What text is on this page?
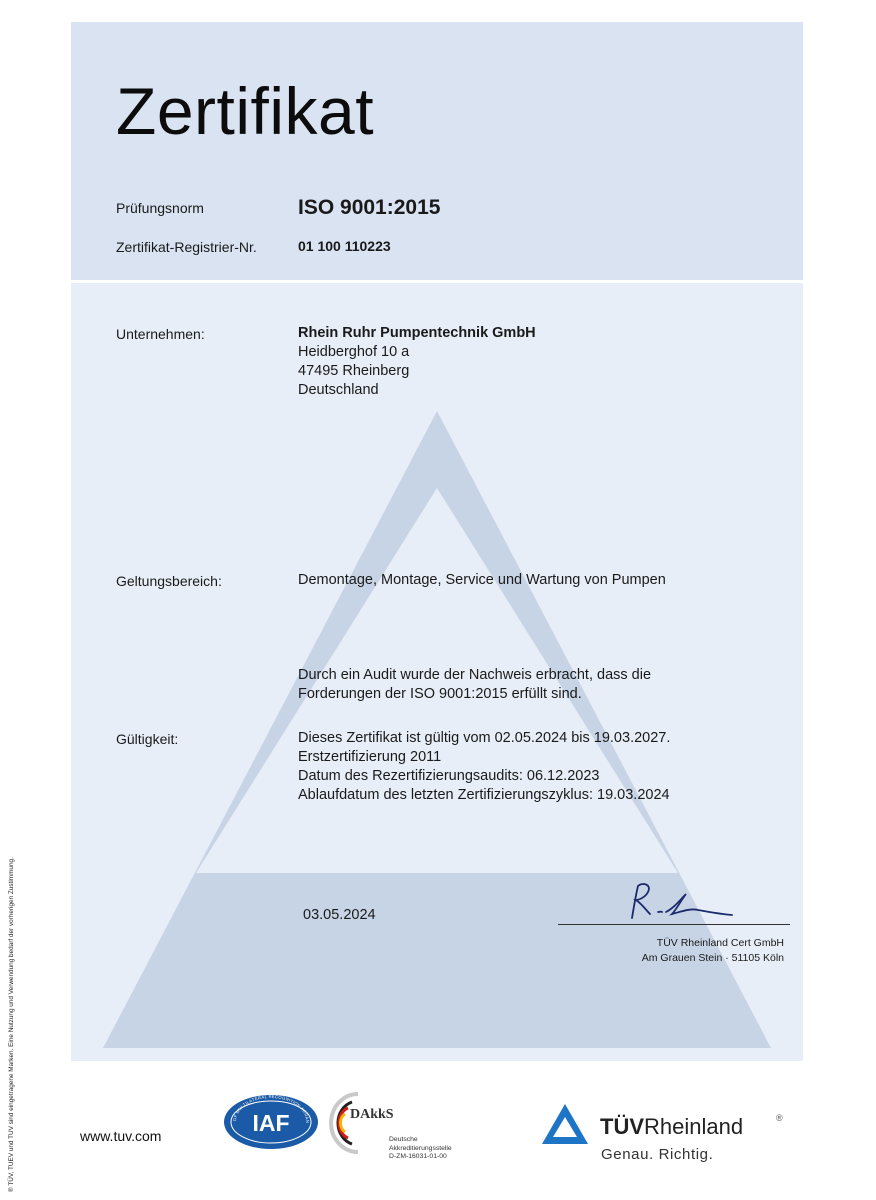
Zertifikat
Prüfungsnorm	ISO 9001:2015
Zertifikat-Registrier-Nr.	01 100 110223
Unternehmen:	Rhein Ruhr Pumpentechnik GmbH
Heidberghof 10 a
47495 Rheinberg
Deutschland
Geltungsbereich:	Demontage, Montage, Service und Wartung von Pumpen
Durch ein Audit wurde der Nachweis erbracht, dass die
Forderungen der ISO 9001:2015 erfüllt sind.
Gültigkeit:	Dieses Zertifikat ist gültig vom 02.05.2024 bis 19.03.2027.
Erstzertifizierung 2011
Datum des Rezertifizierungsaudits: 06.12.2023
Ablaufdatum des letzten Zertifizierungszyklus: 19.03.2024
03.05.2024
TÜV Rheinland Cert GmbH
Am Grauen Stein · 51105 Köln
® TÜV, TUEV und TUV sind eingetragene Marken. Eine Nutzung und Verwendung bedarf der vorherigen Zustimmung.	www.tuv.com
OF MULTILATERAL RECOGNITION ARRAN
IAF	DAkkS
Deutsche
Akkreditierungsstelle
D-ZM-16031-01-00
TÜVRheinland	®
Genau. Richtig.
